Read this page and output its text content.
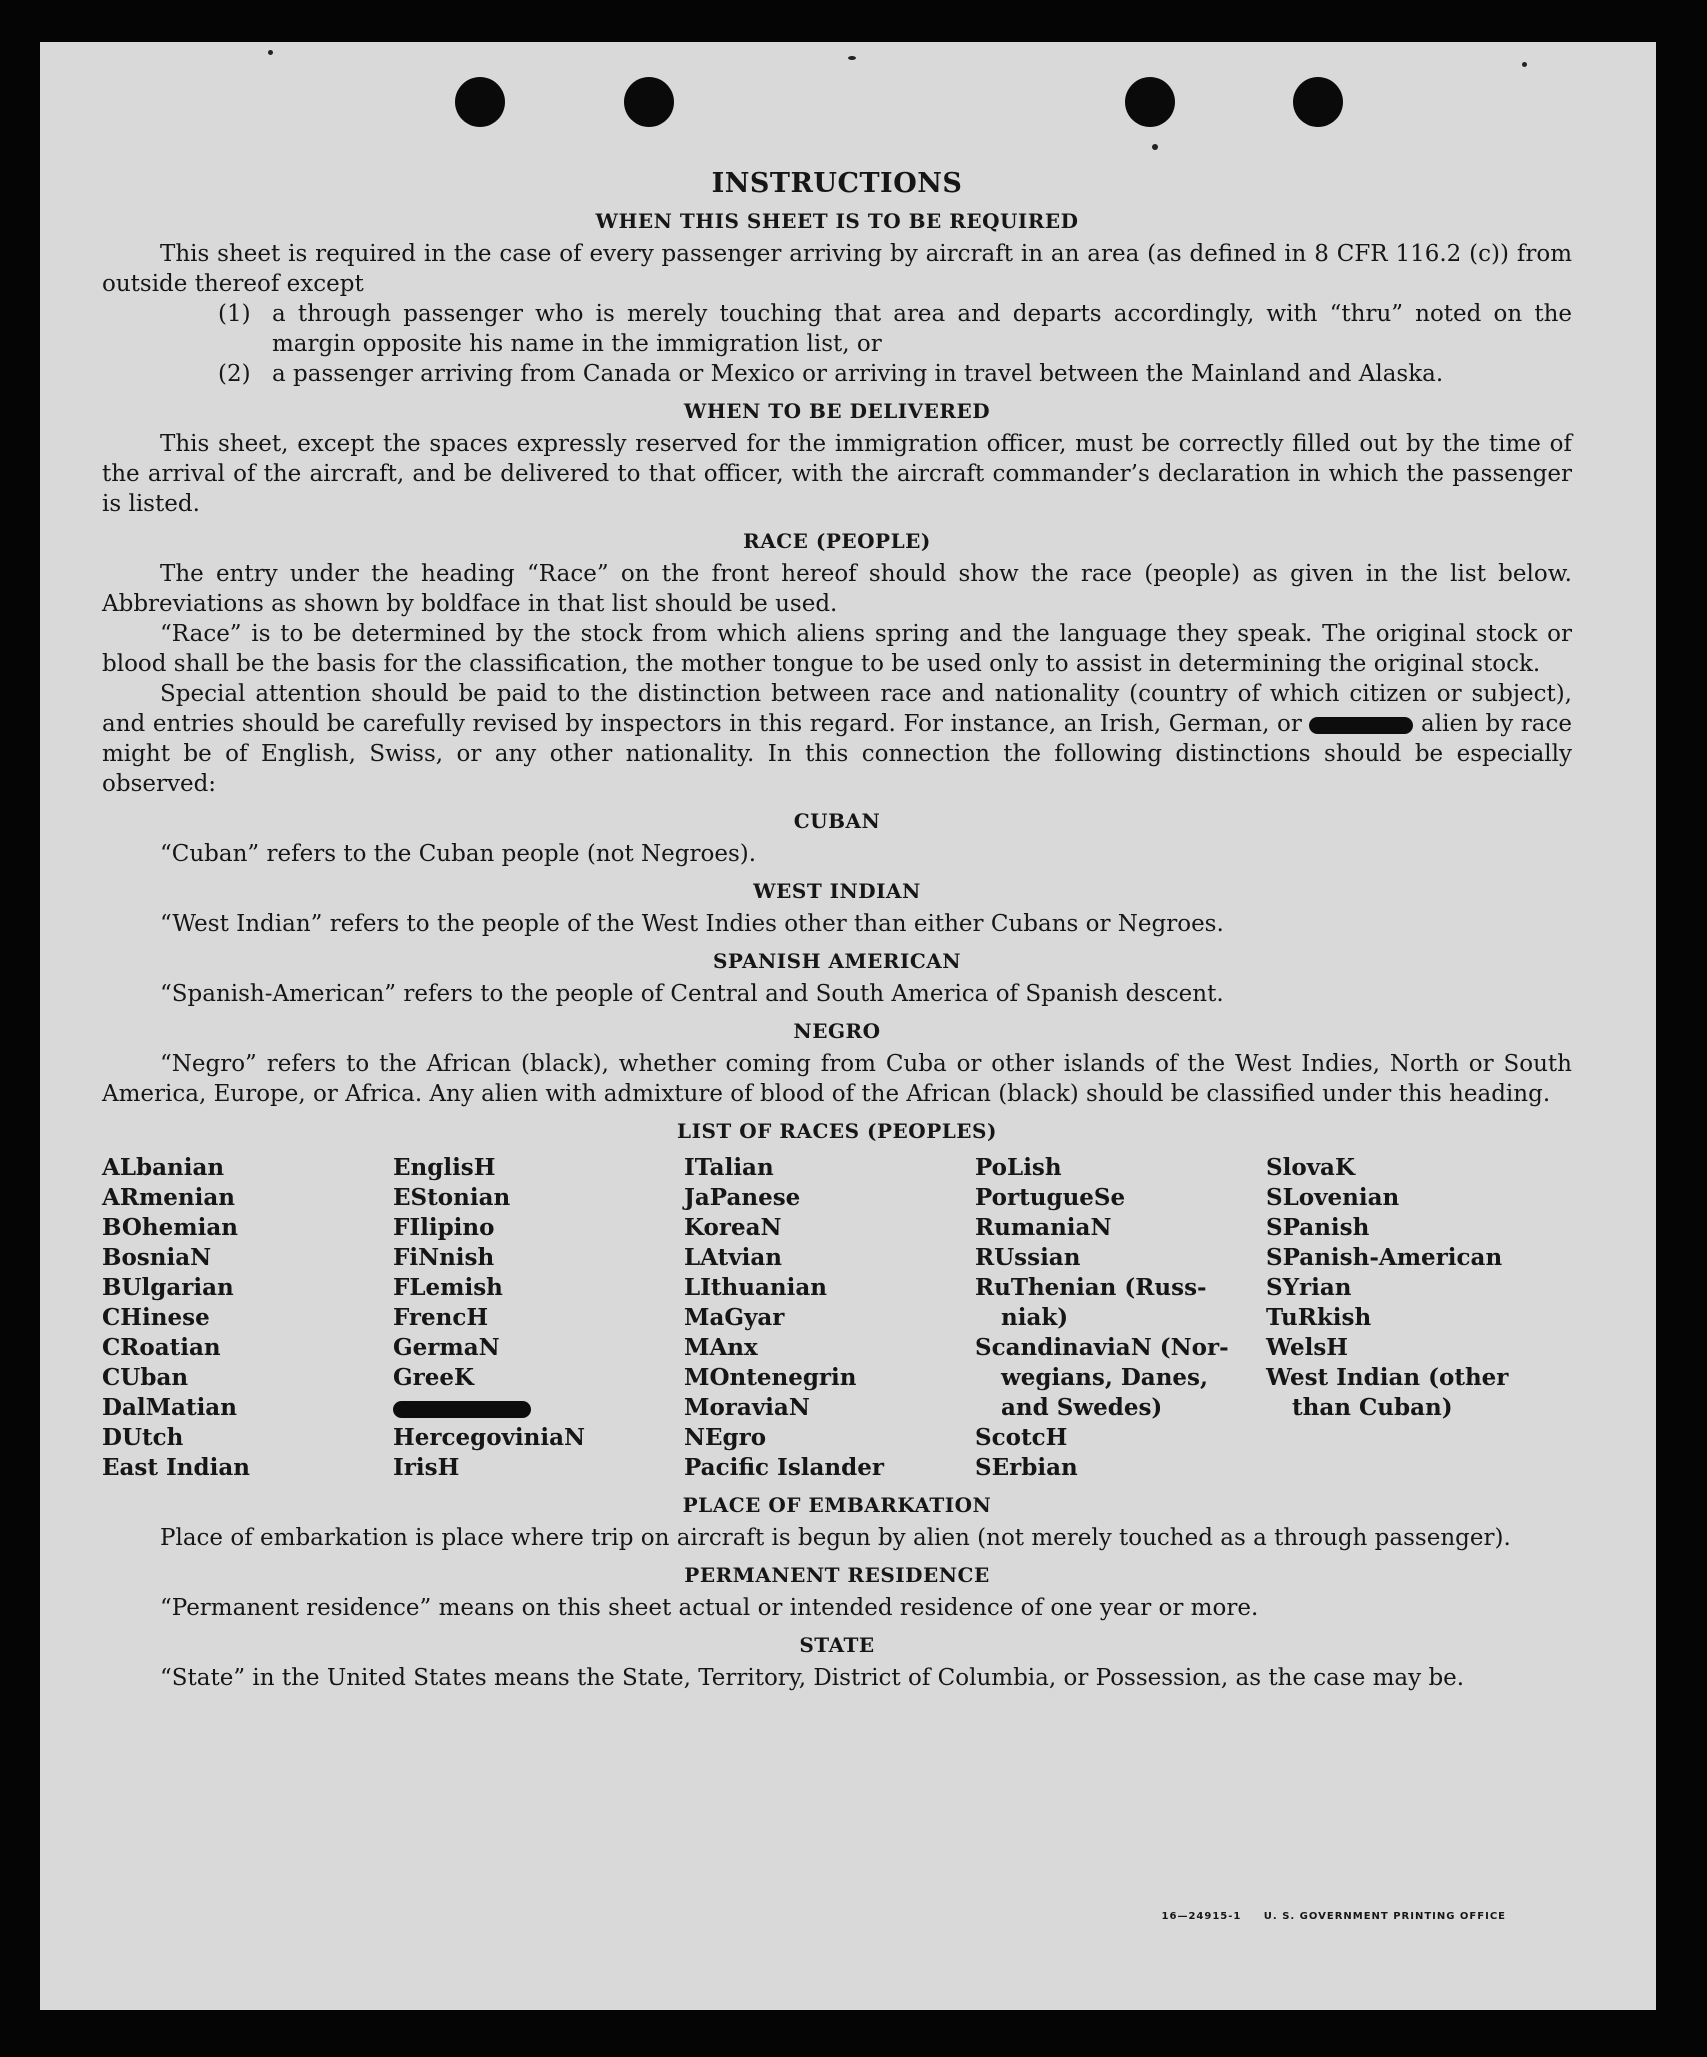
INSTRUCTIONS
WHEN THIS SHEET IS TO BE REQUIRED

This sheet is required in the case of every passenger arriving by aircraft in an area (as defined in 8 CFR 116.2 (c)) from outside thereof except

(1) a through passenger who is merely touching that area and departs accordingly, with “thru” noted on the margin opposite his name in the immigration list, or
(2) a passenger arriving from Canada or Mexico or arriving in travel between the Mainland and Alaska.
WHEN TO BE DELIVERED

This sheet, except the spaces expressly reserved for the immigration officer, must be correctly filled out by the time of the arrival of the aircraft, and be delivered to that officer, with the aircraft commander’s declaration in which the passenger is listed.

RACE (PEOPLE)

The entry under the heading “Race” on the front hereof should show the race (people) as given in the list below. Abbreviations as shown by boldface in that list should be used.

“Race” is to be determined by the stock from which aliens spring and the language they speak. The original stock or blood shall be the basis for the classification, the mother tongue to be used only to assist in determining the original stock.

Special attention should be paid to the distinction between race and nationality (country of which citizen or subject), and entries should be carefully revised by inspectors in this regard. For instance, an Irish, German, or	alien by race might be of English, Swiss, or any other nationality. In this connection the following distinctions should be especially observed:

CUBAN

“Cuban” refers to the Cuban people (not Negroes).

WEST INDIAN

“West Indian” refers to the people of the West Indies other than either Cubans or Negroes.

SPANISH AMERICAN

“Spanish-American” refers to the people of Central and South America of Spanish descent.

NEGRO

“Negro” refers to the African (black), whether coming from Cuba or other islands of the West Indies, North or South America, Europe, or Africa. Any alien with admixture of blood of the African (black) should be classified under this heading.

LIST OF RACES (PEOPLES)
ALbanian
ARmenian
BOhemian
BosniaN
BUlgarian
CHinese
CRoatian
CUban
DalMatian
DUtch
East Indian
EnglisH
EStonian
FIlipino
FiNnish
FLemish
FrencH
GermaN
GreeK
HercegoviniaN
IrisH
ITalian
JaPanese
KoreaN
LAtvian
LIthuanian
MaGyar
MAnx
MOntenegrin
MoraviaN
NEgro
Pacific Islander
PoLish
PortugueSe
RumaniaN
RUssian
RuThenian (Russ-
niak)
ScandinaviaN (Nor-
wegians, Danes,
and Swedes)
ScotcH
SErbian
SlovaK
SLovenian
SPanish
SPanish-American
SYrian
TuRkish
WelsH
West Indian (other
than Cuban)

PLACE OF EMBARKATION

Place of embarkation is place where trip on aircraft is begun by alien (not merely touched as a through passenger).

PERMANENT RESIDENCE

“Permanent residence” means on this sheet actual or intended residence of one year or more.

STATE

“State” in the United States means the State, Territory, District of Columbia, or Possession, as the case may be.

16—24915-1 U. S. GOVERNMENT PRINTING OFFICE
